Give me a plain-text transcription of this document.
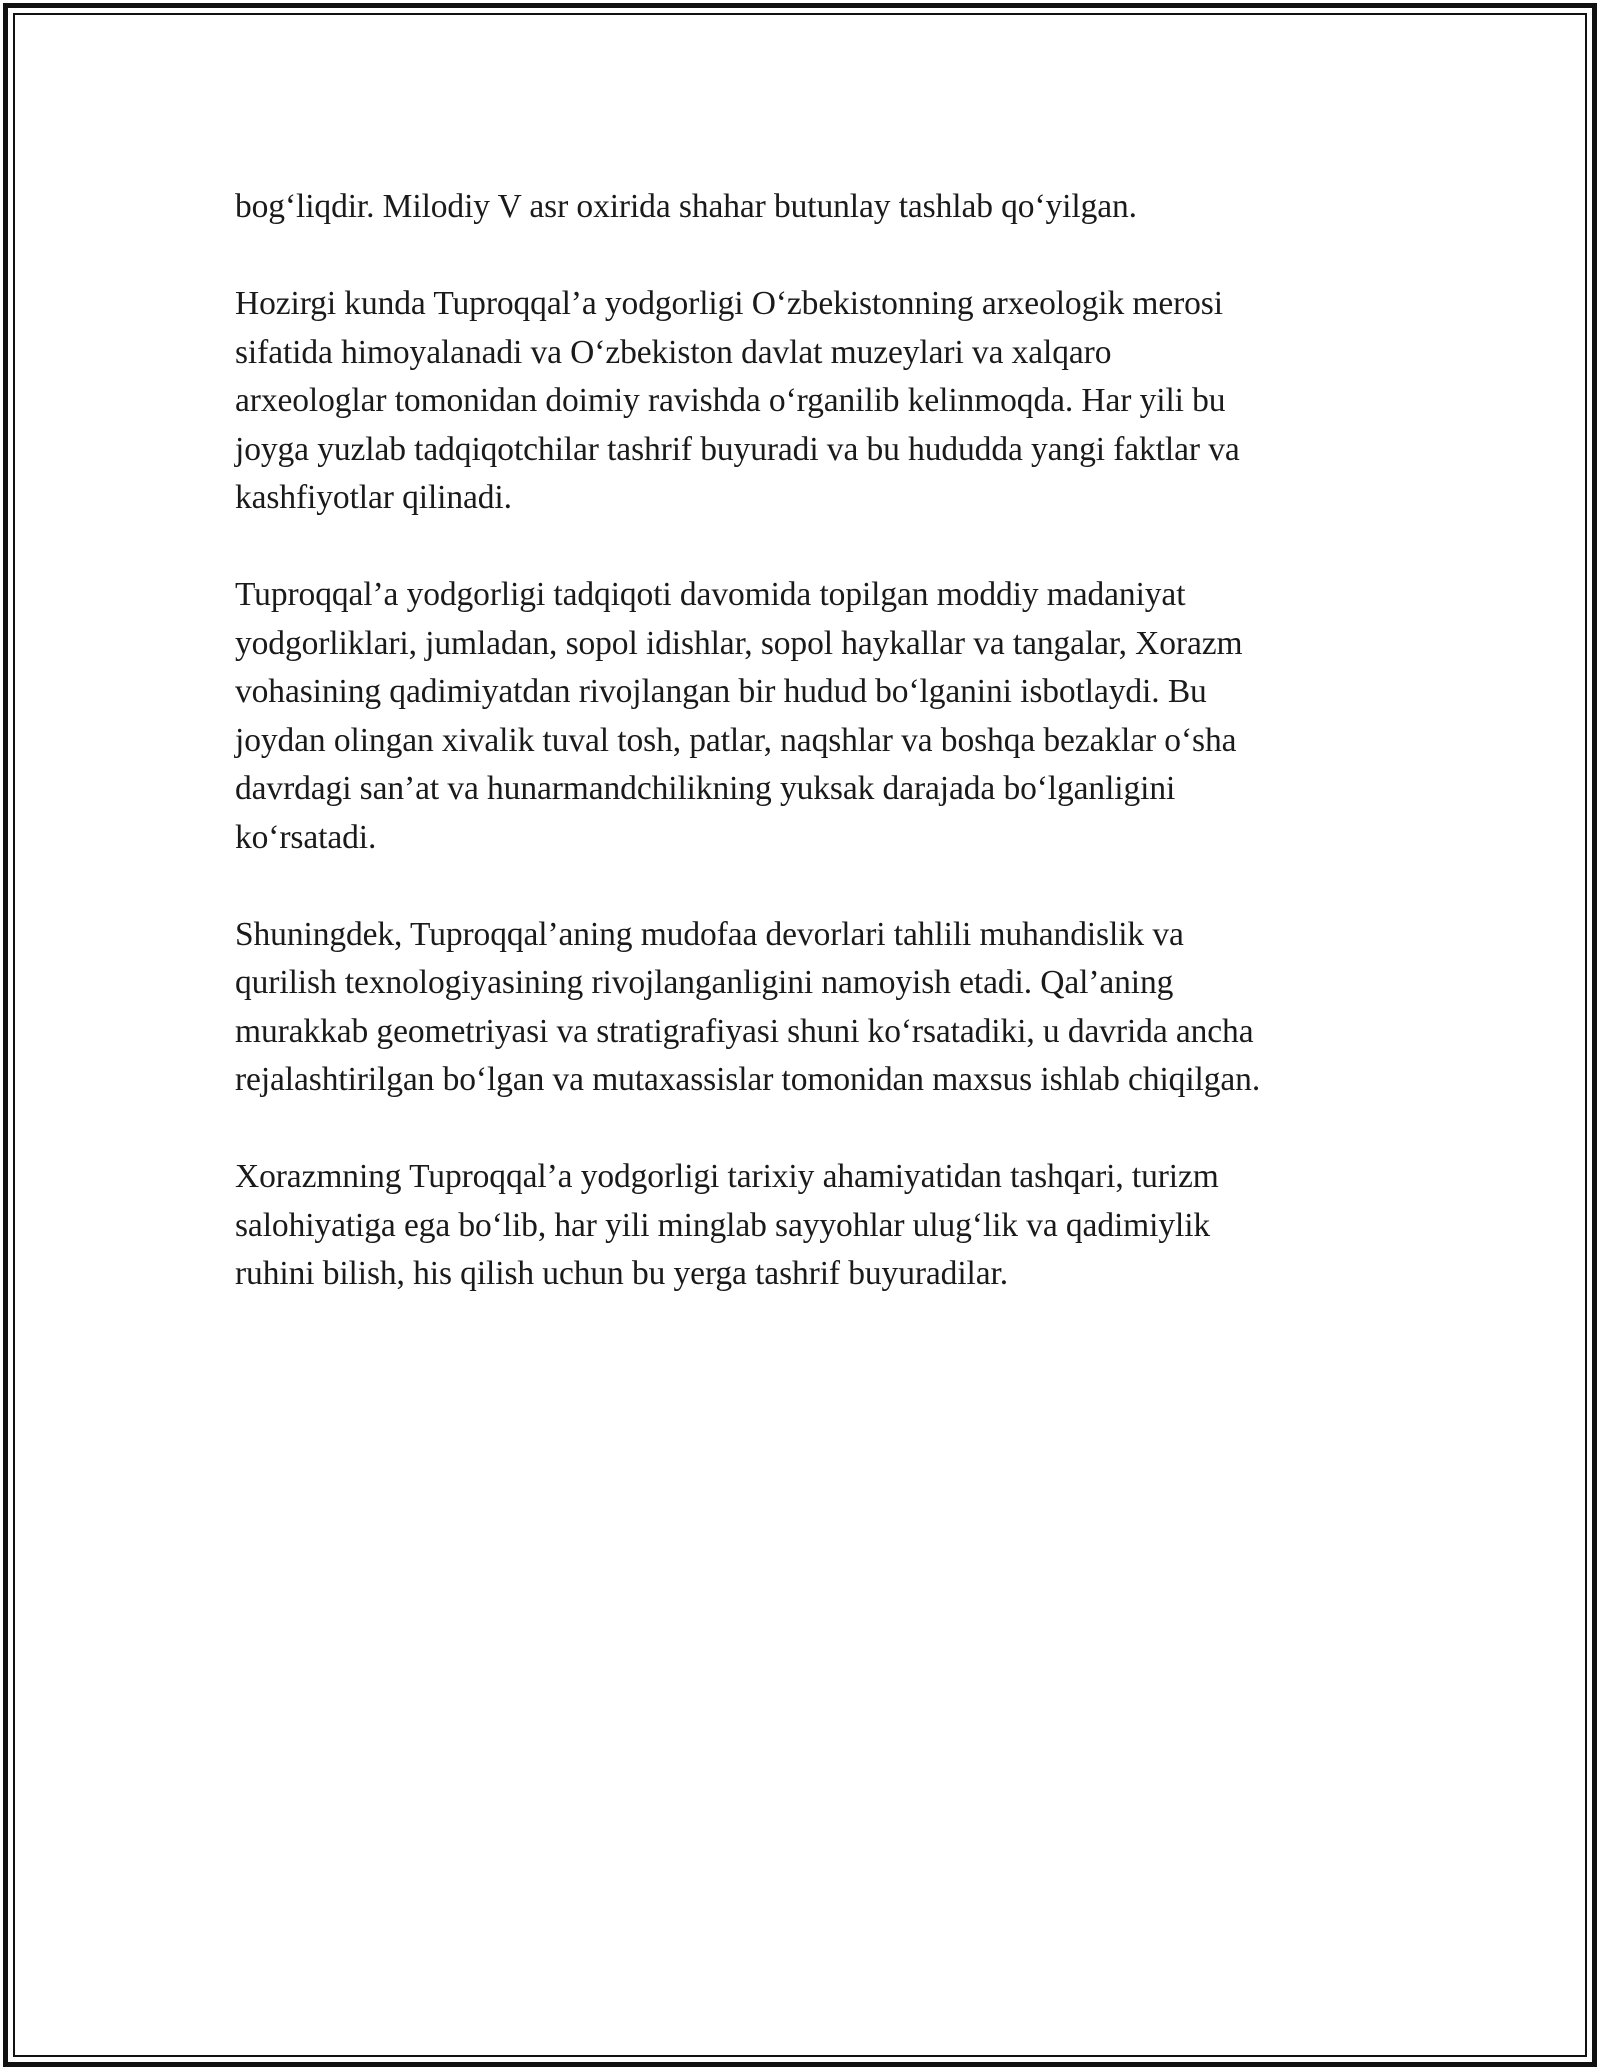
bog‘liqdir. Milodiy V asr oxirida shahar butunlay tashlab qo‘yilgan.

Hozirgi kunda Tuproqqal’a yodgorligi O‘zbekistonning arxeologik merosi
sifatida himoyalanadi va O‘zbekiston davlat muzeylari va xalqaro
arxeologlar tomonidan doimiy ravishda o‘rganilib kelinmoqda. Har yili bu
joyga yuzlab tadqiqotchilar tashrif buyuradi va bu hududda yangi faktlar va
kashfiyotlar qilinadi.

Tuproqqal’a yodgorligi tadqiqoti davomida topilgan moddiy madaniyat
yodgorliklari, jumladan, sopol idishlar, sopol haykallar va tangalar, Xorazm
vohasining qadimiyatdan rivojlangan bir hudud bo‘lganini isbotlaydi. Bu
joydan olingan xivalik tuval tosh, patlar, naqshlar va boshqa bezaklar o‘sha
davrdagi san’at va hunarmandchilikning yuksak darajada bo‘lganligini
ko‘rsatadi.

Shuningdek, Tuproqqal’aning mudofaa devorlari tahlili muhandislik va
qurilish texnologiyasining rivojlanganligini namoyish etadi. Qal’aning
murakkab geometriyasi va stratigrafiyasi shuni ko‘rsatadiki, u davrida ancha
rejalashtirilgan bo‘lgan va mutaxassislar tomonidan maxsus ishlab chiqilgan.

Xorazmning Tuproqqal’a yodgorligi tarixiy ahamiyatidan tashqari, turizm
salohiyatiga ega bo‘lib, har yili minglab sayyohlar ulug‘lik va qadimiylik
ruhini bilish, his qilish uchun bu yerga tashrif buyuradilar.
